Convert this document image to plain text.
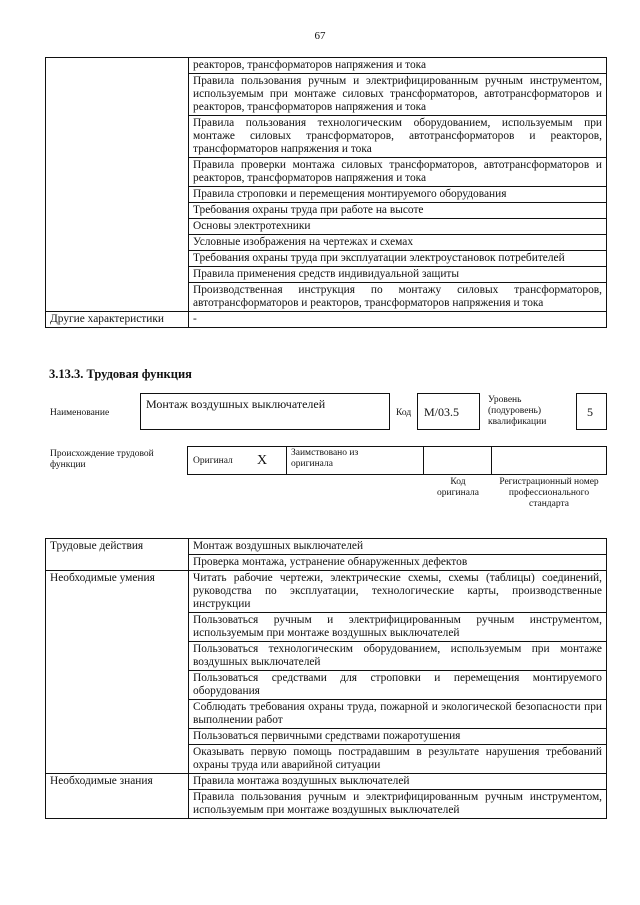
67
	реакторов, трансформаторов напряжения и тока
	Правила пользования ручным и электрифицированным ручным инструментом, используемым при монтаже силовых трансформаторов, автотрансформаторов и реакторов, трансформаторов напряжения и тока
	Правила пользования технологическим оборудованием, используемым при монтаже силовых трансформаторов, автотрансформаторов и реакторов, трансформаторов напряжения и тока
	Правила проверки монтажа силовых трансформаторов, автотрансформаторов и реакторов, трансформаторов напряжения и тока
	Правила строповки и перемещения монтируемого оборудования
	Требования охраны труда при работе на высоте
	Основы электротехники
	Условные изображения на чертежах и схемах
	Требования охраны труда при эксплуатации электроустановок потребителей
	Правила применения средств индивидуальной защиты
	Производственная инструкция по монтажу силовых трансформаторов, автотрансформаторов и реакторов, трансформаторов напряжения и тока
Другие характеристики	-
3.13.3. Трудовая функция
Наименование
Монтаж воздушных выключателей
Код М/03.5
Уровень (подуровень) квалификации
5
Происхождение трудовой функции	Оригинал X	Заимствовано из оригинала
Код оригинала
Регистрационный номер профессионального стандарта
Трудовые действия	Монтаж воздушных выключателей
	Проверка монтажа, устранение обнаруженных дефектов
Необходимые умения	Читать рабочие чертежи, электрические схемы, схемы (таблицы) соединений, руководства по эксплуатации, технологические карты, производственные инструкции
	Пользоваться ручным и электрифицированным ручным инструментом, используемым при монтаже воздушных выключателей
	Пользоваться технологическим оборудованием, используемым при монтаже воздушных выключателей
	Пользоваться средствами для строповки и перемещения монтируемого оборудования
	Соблюдать требования охраны труда, пожарной и экологической безопасности при выполнении работ
	Пользоваться первичными средствами пожаротушения
	Оказывать первую помощь пострадавшим в результате нарушения требований охраны труда или аварийной ситуации
Необходимые знания	Правила монтажа воздушных выключателей
	Правила пользования ручным и электрифицированным ручным инструментом, используемым при монтаже воздушных выключателей
